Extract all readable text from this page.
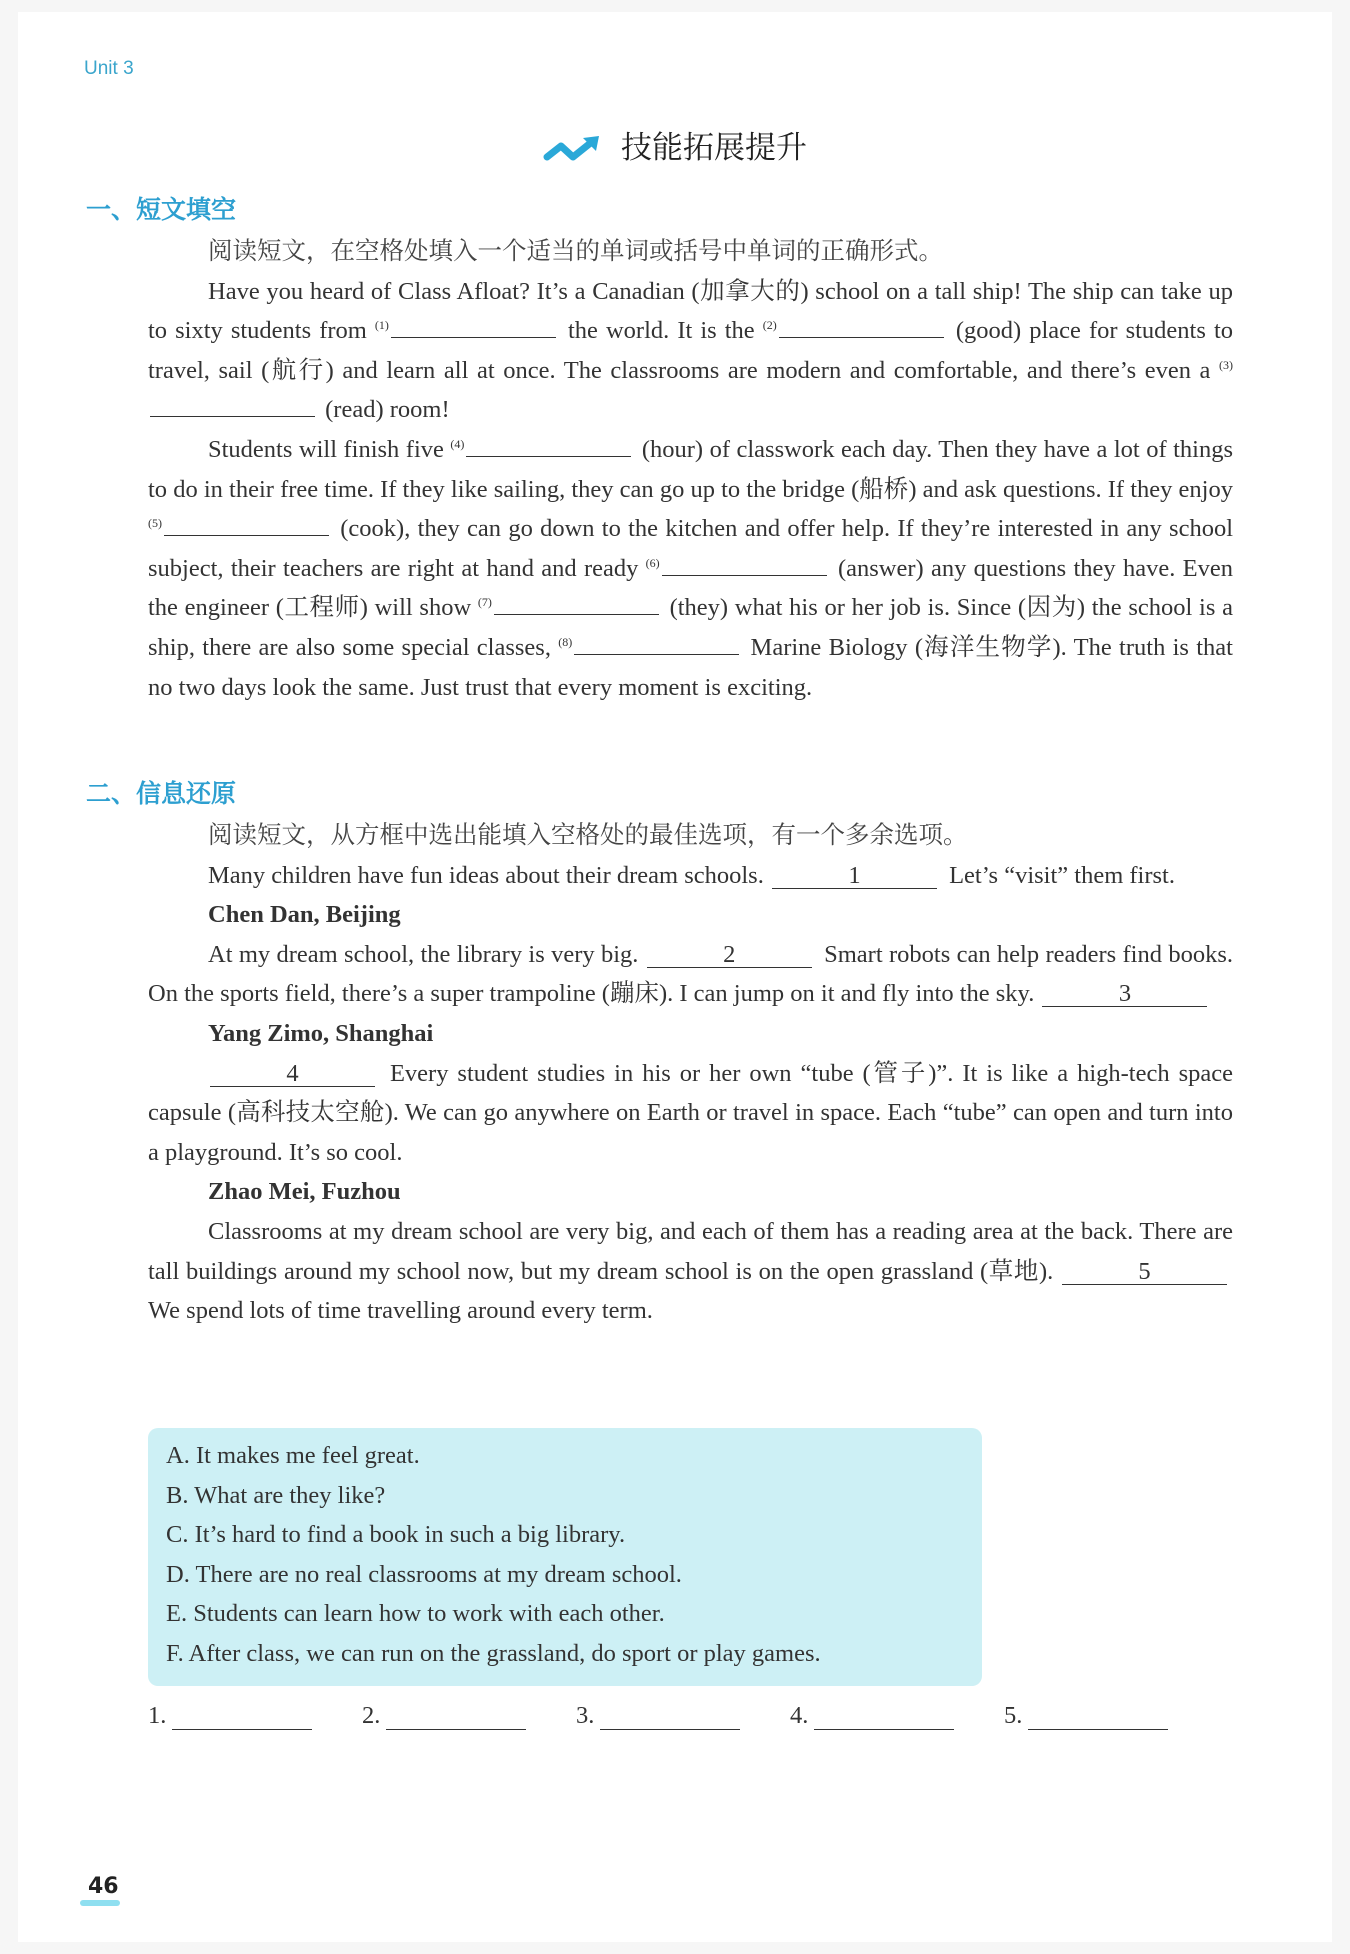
Unit 3
技能拓展提升
一、短文填空

阅读短文，在空格处填入一个适当的单词或括号中单词的正确形式。

Have you heard of Class Afloat? It’s a Canadian (加拿大的) school on a tall ship! The ship can take up to sixty students from $^{(1)}$	the world. It is the $^{(2)}$	(good) place for students to travel, sail (航行) and learn all at once. The classrooms are modern and comfortable, and there’s even a $^{(3)}$ (read) room!

Students will finish five $^{(4)}$	(hour) of classwork each day. Then they have a lot of things to do in their free time. If they like sailing, they can go up to the bridge (船桥) and ask questions. If they enjoy $^{(5)}$	(cook), they can go down to the kitchen and offer help. If they’re interested in any school subject, their teachers are right at hand and ready $^{(6)}$	(answer) any questions they have. Even the engineer (工程师) will show $^{(7)}$	(they) what his or her job is. Since (因为) the school is a ship, there are also some special classes, $^{(8)}$	Marine Biology (海洋生物学). The truth is that no two days look the same. Just trust that every moment is exciting.

二、信息还原

阅读短文，从方框中选出能填入空格处的最佳选项，有一个多余选项。

Many children have fun ideas about their dream schools.	1	Let’s “visit” them first.

Chen Dan, Beijing

At my dream school, the library is very big.	2	Smart robots can help readers find books. On the sports field, there’s a super trampoline (蹦床). I can jump on it and fly into the sky.	3

Yang Zimo, Shanghai

4	Every student studies in his or her own “tube (管子)”. It is like a high-tech space capsule (高科技太空舱). We can go anywhere on Earth or travel in space. Each “tube” can open and turn into a playground. It’s so cool.

Zhao Mei, Fuzhou

Classrooms at my dream school are very big, and each of them has a reading area at the back. There are tall buildings around my school now, but my dream school is on the open grassland (草地).	5 We spend lots of time travelling around every term.

A. It makes me feel great.
B. What are they like?
C. It’s hard to find a book in such a big library.
D. There are no real classrooms at my dream school.
E. Students can learn how to work with each other.
F. After class, we can run on the grassland, do sport or play games.
1.	2.	3.	4.	5.
46
